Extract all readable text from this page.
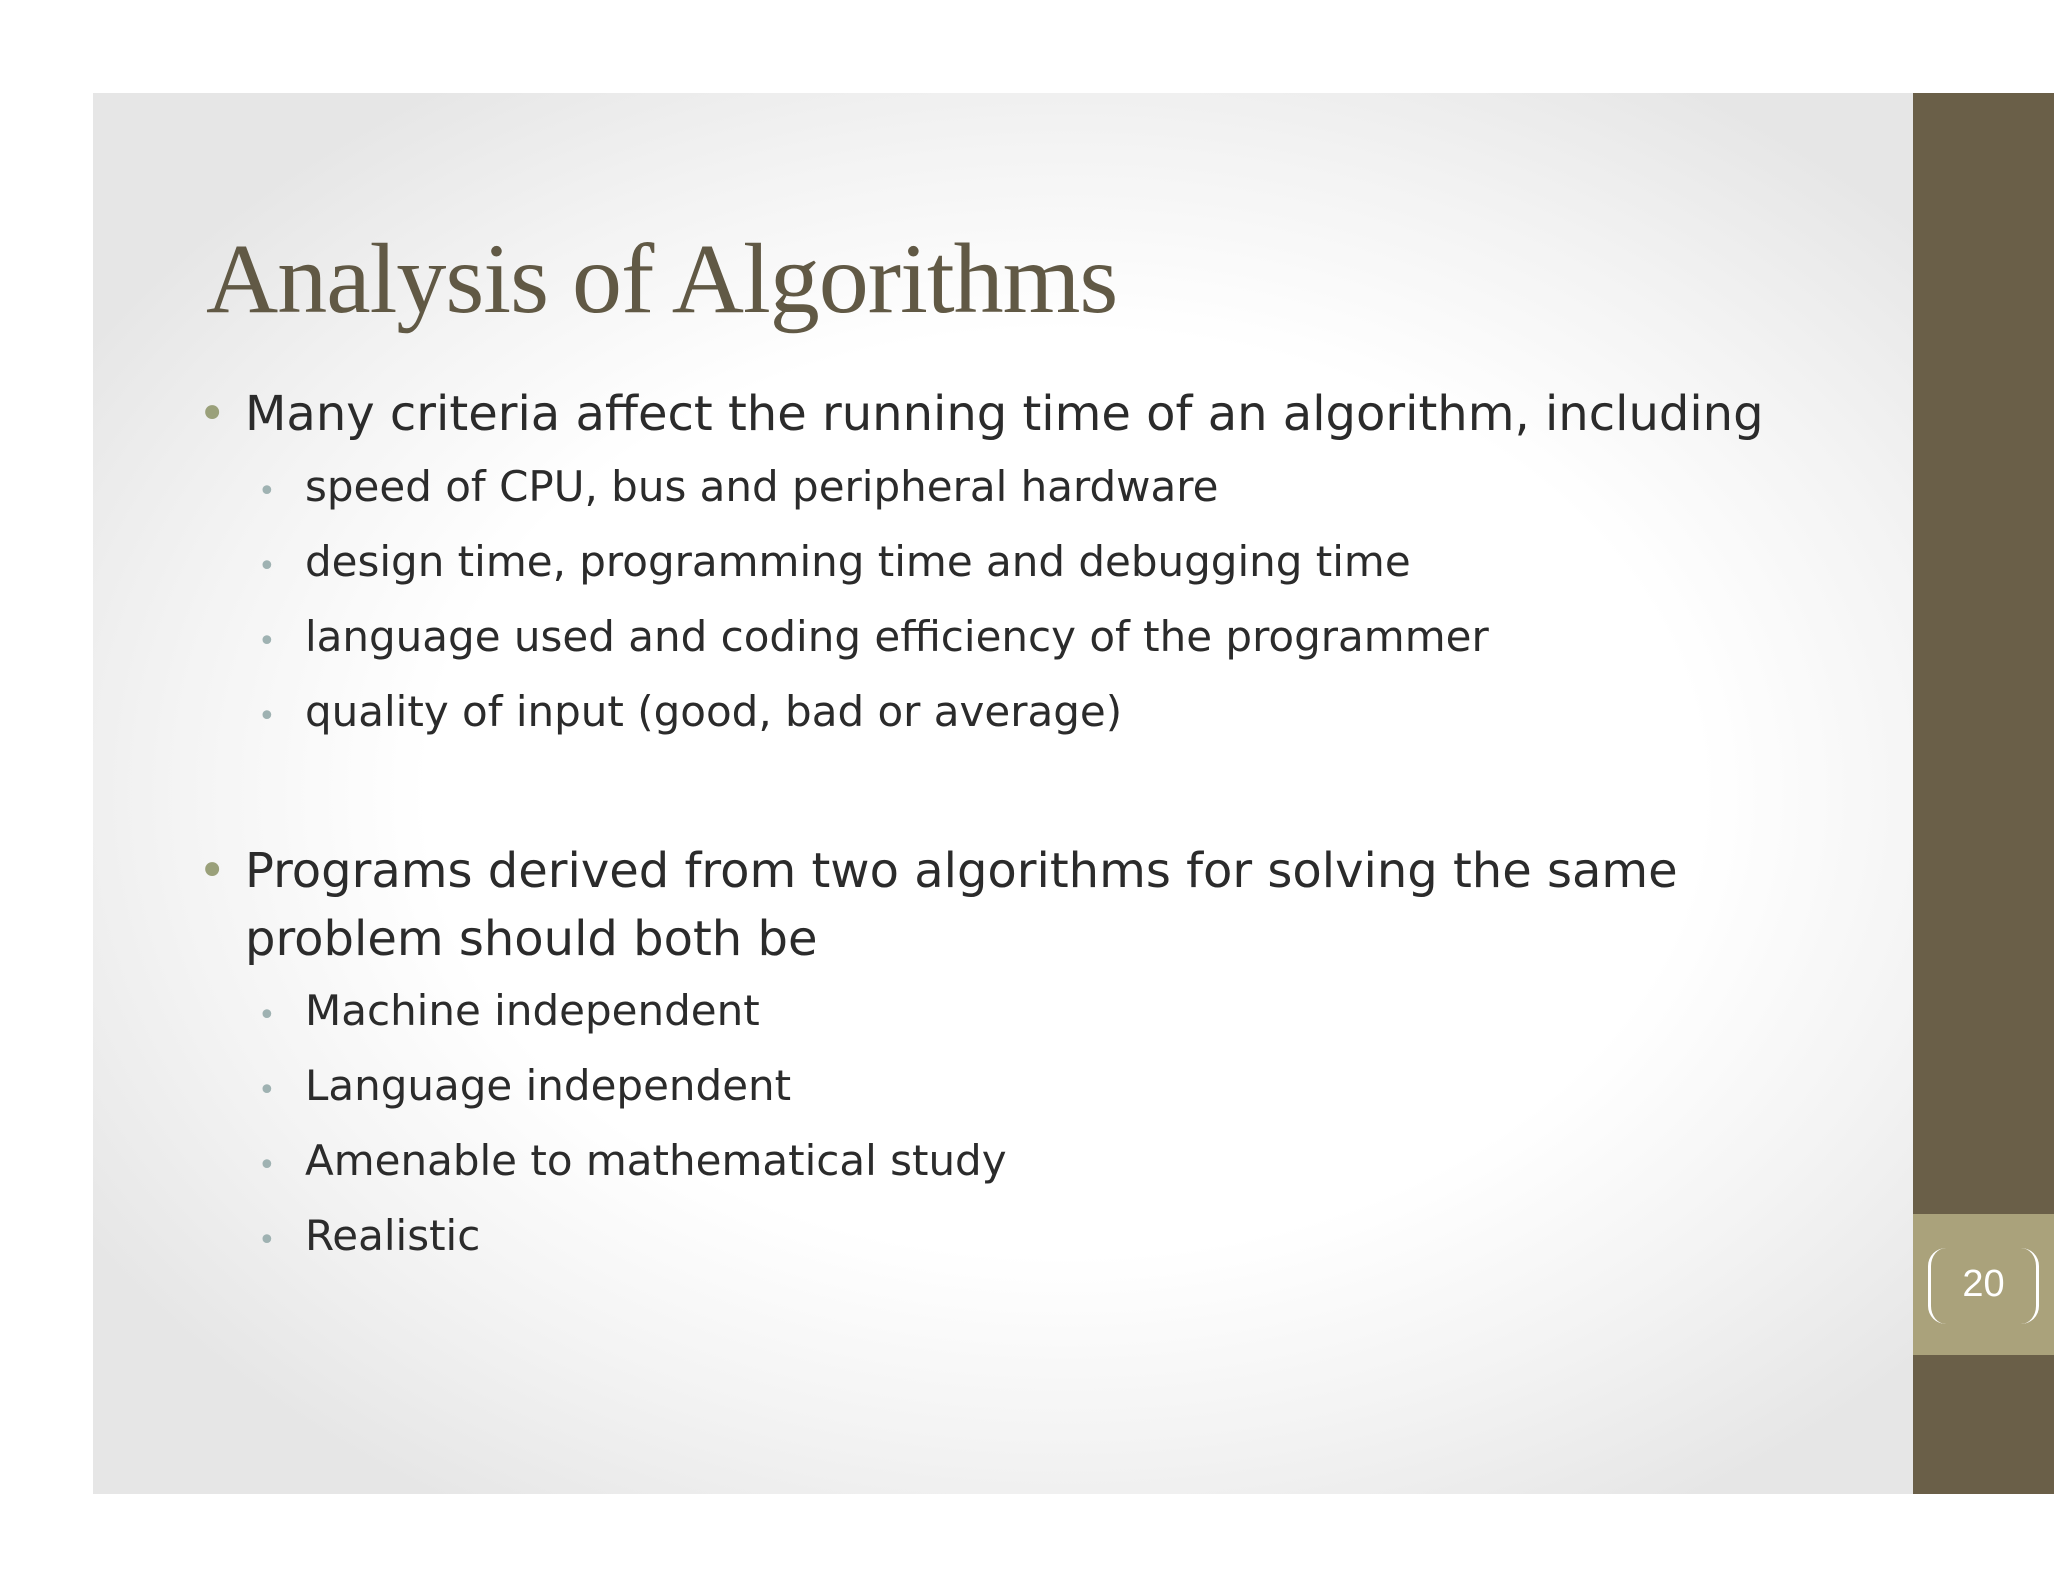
20
Analysis of Algorithms
• Many criteria affect the running time of an algorithm, including
• speed of CPU, bus and peripheral hardware
• design time, programming time and debugging time
• language used and coding efficiency of the programmer
• quality of input (good, bad or average)
• Programs derived from two algorithms for solving the same
problem should both be
• Machine independent
• Language independent
• Amenable to mathematical study
• Realistic
